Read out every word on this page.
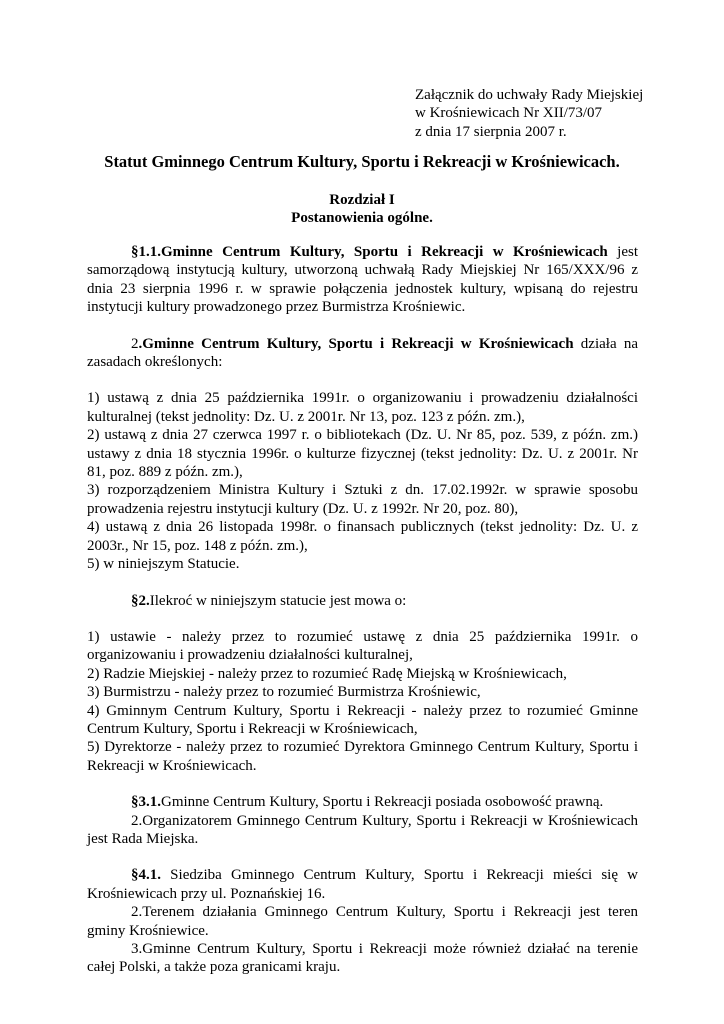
Załącznik do uchwały Rady Miejskiej
w Krośniewicach Nr XII/73/07
z dnia 17 sierpnia 2007 r.
Statut Gminnego Centrum Kultury, Sportu i Rekreacji w Krośniewicach.
Rozdział I
Postanowienia ogólne.

§1.1.Gminne Centrum Kultury, Sportu i Rekreacji w Krośniewicach jest samorządową instytucją kultury, utworzoną uchwałą Rady Miejskiej Nr 165/XXX/96 z dnia 23 sierpnia 1996 r. w sprawie połączenia jednostek kultury, wpisaną do rejestru instytucji kultury prowadzonego przez Burmistrza Krośniewic.

2.Gminne Centrum Kultury, Sportu i Rekreacji w Krośniewicach działa na zasadach określonych:

1) ustawą z dnia 25 października 1991r. o organizowaniu i prowadzeniu działalności kulturalnej (tekst jednolity: Dz. U. z 2001r. Nr 13, poz. 123 z późn. zm.),

2) ustawą z dnia 27 czerwca 1997 r. o bibliotekach (Dz. U. Nr 85, poz. 539, z późn. zm.) ustawy z dnia 18 stycznia 1996r. o kulturze fizycznej (tekst jednolity: Dz. U. z 2001r. Nr 81, poz. 889 z późn. zm.),

3) rozporządzeniem Ministra Kultury i Sztuki z dn. 17.02.1992r. w sprawie sposobu prowadzenia rejestru instytucji kultury (Dz. U. z 1992r. Nr 20, poz. 80),

4) ustawą z dnia 26 listopada 1998r. o finansach publicznych (tekst jednolity: Dz. U. z 2003r., Nr 15, poz. 148 z późn. zm.),

5) w niniejszym Statucie.

§2.Ilekroć w niniejszym statucie jest mowa o:

1) ustawie - należy przez to rozumieć ustawę z dnia 25 października 1991r. o organizowaniu i prowadzeniu działalności kulturalnej,

2) Radzie Miejskiej - należy przez to rozumieć Radę Miejską w Krośniewicach,

3) Burmistrzu - należy przez to rozumieć Burmistrza Krośniewic,

4) Gminnym Centrum Kultury, Sportu i Rekreacji - należy przez to rozumieć Gminne Centrum Kultury, Sportu i Rekreacji w Krośniewicach,

5) Dyrektorze - należy przez to rozumieć Dyrektora Gminnego Centrum Kultury, Sportu i Rekreacji w Krośniewicach.

§3.1.Gminne Centrum Kultury, Sportu i Rekreacji posiada osobowość prawną.

2.Organizatorem Gminnego Centrum Kultury, Sportu i Rekreacji w Krośniewicach jest Rada Miejska.

§4.1. Siedziba Gminnego Centrum Kultury, Sportu i Rekreacji mieści się w Krośniewicach przy ul. Poznańskiej 16.

2.Terenem działania Gminnego Centrum Kultury, Sportu i Rekreacji jest teren gminy Krośniewice.

3.Gminne Centrum Kultury, Sportu i Rekreacji może również działać na terenie całej Polski, a także poza granicami kraju.
